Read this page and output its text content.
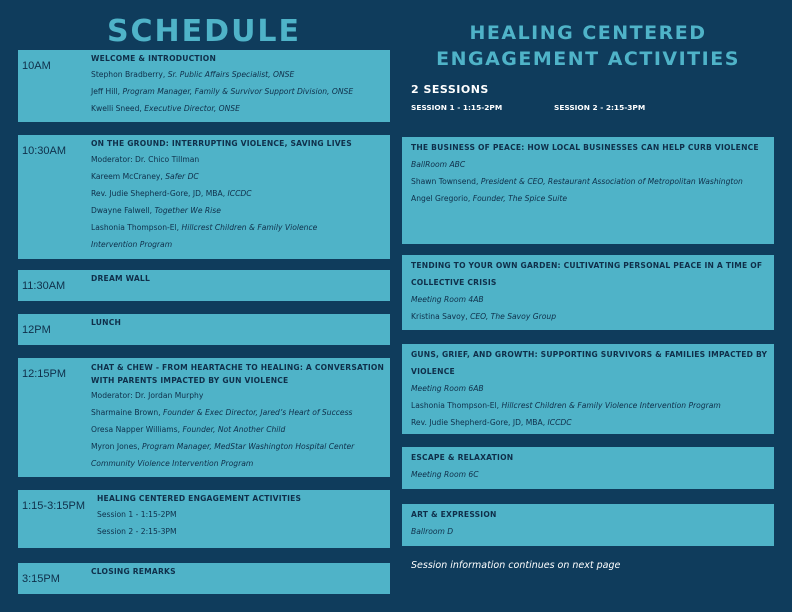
SCHEDULE	HEALING CENTERED ENGAGEMENT ACTIVITIES
10AM
WELCOME & INTRODUCTION
Stephon Bradberry, Sr. Public Affairs Specialist, ONSE
Jeff Hill, Program Manager, Family & Survivor Support Division, ONSE
Kwelli Sneed, Executive Director, ONSE
10:30AM
ON THE GROUND: INTERRUPTING VIOLENCE, SAVING LIVES
Moderator: Dr. Chico Tillman
Kareem McCraney, Safer DC
Rev. Judie Shepherd-Gore, JD, MBA, ICCDC
Dwayne Falwell, Together We Rise
Lashonia Thompson-El, Hillcrest Children & Family Violence
Intervention Program
11:30AM
DREAM WALL
12PM
LUNCH
12:15PM
CHAT & CHEW - FROM HEARTACHE TO HEALING: A CONVERSATION WITH PARENTS IMPACTED BY GUN VIOLENCE
Moderator: Dr. Jordan Murphy
Sharmaine Brown, Founder & Exec Director, Jared’s Heart of Success
Oresa Napper Williams, Founder, Not Another Child
Myron Jones, Program Manager, MedStar Washington Hospital Center
Community Violence Intervention Program
1:15-3:15PM
HEALING CENTERED ENGAGEMENT ACTIVITIES
Session 1 - 1:15-2PM
Session 2 - 2:15-3PM
3:15PM
CLOSING REMARKS
2 SESSIONS
SESSION 1 - 1:15-2PM	SESSION 2 - 2:15-3PM
THE BUSINESS OF PEACE: HOW LOCAL BUSINESSES CAN HELP CURB VIOLENCE
BallRoom ABC
Shawn Townsend, President & CEO, Restaurant Association of Metropolitan Washington
Angel Gregorio, Founder, The Spice Suite
TENDING TO YOUR OWN GARDEN: CULTIVATING PERSONAL PEACE IN A TIME OF COLLECTIVE CRISIS
Meeting Room 4AB
Kristina Savoy, CEO, The Savoy Group
GUNS, GRIEF, AND GROWTH: SUPPORTING SURVIVORS & FAMILIES IMPACTED BY VIOLENCE
Meeting Room 6AB
Lashonia Thompson-El, Hillcrest Children & Family Violence Intervention Program
Rev. Judie Shepherd-Gore, JD, MBA, ICCDC
ESCAPE & RELAXATION
Meeting Room 6C
ART & EXPRESSION
Ballroom D
Session information continues on next page
